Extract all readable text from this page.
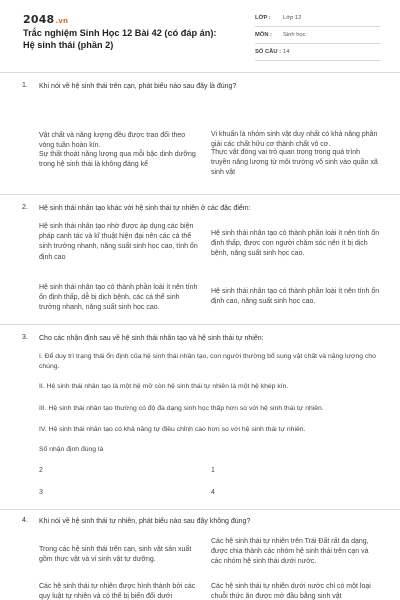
2048.vn
Trắc nghiệm Sinh Học 12 Bài 42 (có đáp án): Hệ sinh thái (phần 2)
LỚP :	Lớp 12
MÔN :	Sinh học
SỐ CÂU : 14
1. Khi nói về hệ sinh thái trên cạn, phát biểu nào sau đây là đúng?
Vật chất và năng lượng đều được trao đổi theo vòng tuần hoàn kín.
Vi khuẩn là nhóm sinh vật duy nhất có khả năng phân giải các chất hữu cơ thành chất vô cơ.
Sự thất thoát năng lượng qua mỗi bậc dinh dưỡng trong hệ sinh thái là không đáng kể
Thực vật đóng vai trò quan trọng trong quá trình truyền năng lượng từ môi trường vô sinh vào quần xã sinh vật
2. Hệ sinh thái nhân tạo khác với hệ sinh thái tự nhiên ở các đặc điểm:
Hệ sinh thái nhân tạo nhờ được áp dụng các biện pháp canh tác và kĩ thuật hiện đại nên các cá thể sinh trưởng nhanh, năng suất sinh học cao, tính ổn định cao
Hệ sinh thái nhân tạo có thành phần loài ít nên tính ổn định thấp, được con người chăm sóc nên ít bị dịch bệnh, năng suất sinh học cao.
Hệ sinh thái nhân tạo có thành phần loài ít nên tính ổn định thấp, dễ bị dịch bệnh, các cá thể sinh trưởng nhanh, năng suất sinh học cao.
Hệ sinh thái nhân tạo có thành phần loài ít nên tính ổn định cao, năng suất sinh học cao.
3. Cho các nhận định sau về hệ sinh thái nhân tạo và hệ sinh thái tự nhiên:
I. Để duy trì trạng thái ổn định của hệ sinh thái nhân tạo, con người thường bổ sung vật chất và năng lượng cho chúng.
II. Hệ sinh thái nhân tạo là một hệ mở còn hệ sinh thái tự nhiên là một hệ khép kín.
III. Hệ sinh thái nhân tạo thường có độ đa dạng sinh học thấp hơn so với hệ sinh thái tự nhiên.
IV. Hệ sinh thái nhân tạo có khả năng tự điều chỉnh cao hơn so với hệ sinh thái tự nhiên.
Số nhận định đúng là
2	1
3	4
4. Khi nói về hệ sinh thái tự nhiên, phát biểu nào sau đây không đúng?
Trong các hệ sinh thái trên cạn, sinh vật sản xuất gồm thực vật và vi sinh vật tự dưỡng.
Các hệ sinh thái tự nhiên trên Trái Đất rất đa dạng, được chia thành các nhóm hệ sinh thái trên cạn và các nhóm hệ sinh thái dưới nước.
Các hệ sinh thái tự nhiên được hình thành bởi các quy luật tự nhiên và có thể bị biến đổi dưới
Các hệ sinh thái tự nhiên dưới nước chỉ có một loại chuỗi thức ăn được mở đầu bằng sinh vật
